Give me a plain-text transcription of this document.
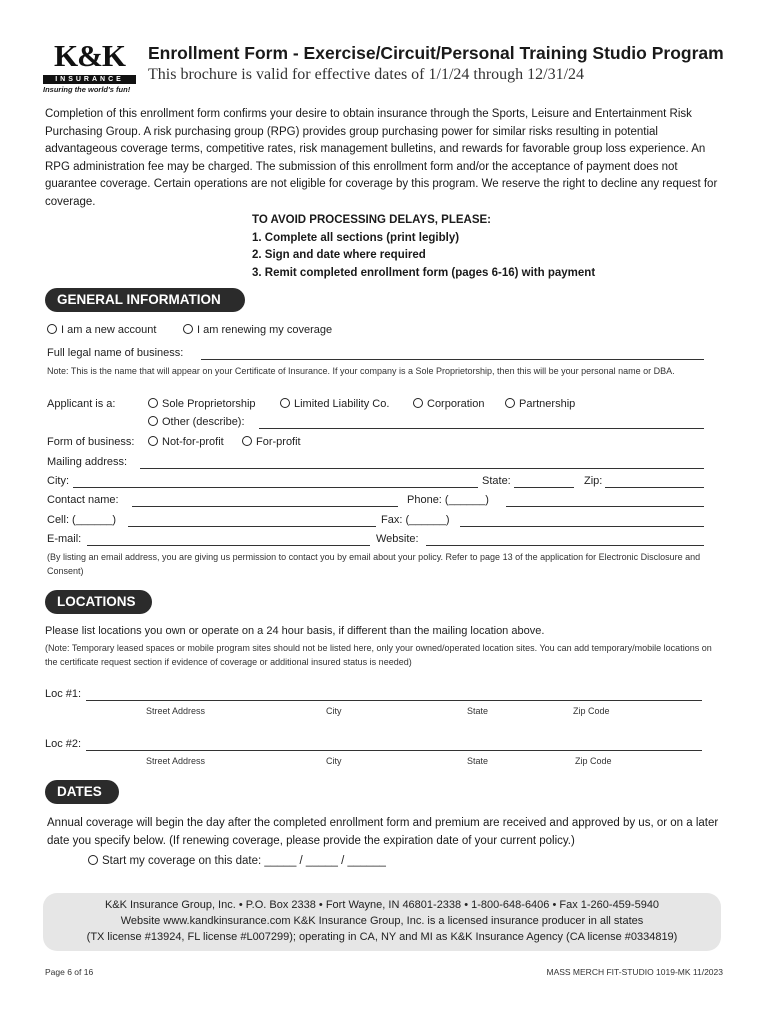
K&K
INSURANCE
Insuring the world's fun!
Enrollment Form - Exercise/Circuit/Personal Training Studio Program
This brochure is valid for effective dates of 1/1/24 through 12/31/24

Completion of this enrollment form confirms your desire to obtain insurance through the Sports, Leisure and Entertainment Risk Purchasing Group. A risk purchasing group (RPG) provides group purchasing power for similar risks resulting in potential advantageous coverage terms, competitive rates, risk management bulletins, and rewards for favorable group loss experience. An RPG administration fee may be charged. The submission of this enrollment form and/or the acceptance of payment does not guarantee coverage. Certain operations are not eligible for coverage by this program. We reserve the right to decline any request for coverage.

TO AVOID PROCESSING DELAYS, PLEASE:
1. Complete all sections (print legibly)
2. Sign and date where required
3. Remit completed enrollment form (pages 6-16) with payment
GENERAL INFORMATION
I am a new account	I am renewing my coverage
Full legal name of business:
Note: This is the name that will appear on your Certificate of Insurance. If your company is a Sole Proprietorship, then this will be your personal name or DBA.
Applicant is a:	Sole Proprietorship	Limited Liability Co.	Corporation	Partnership
Other (describe):
Form of business:	Not-for-profit	For-profit
Mailing address:
City:	State:	Zip:
Contact name:	Phone: (______)
Cell: (______)	Fax: (______)
E-mail:	Website:
(By listing an email address, you are giving us permission to contact you by email about your policy. Refer to page 13 of the application for Electronic Disclosure and Consent)
LOCATIONS
Please list locations you own or operate on a 24 hour basis, if different than the mailing location above.
(Note: Temporary leased spaces or mobile program sites should not be listed here, only your owned/operated location sites. You can add temporary/mobile locations on the certificate request section if evidence of coverage or additional insured status is needed)
Loc #1:
Street Address	City	State	Zip Code
Loc #2:
Street Address	City	State	Zip Code
DATES
Annual coverage will begin the day after the completed enrollment form and premium are received and approved by us, or on a later date you specify below. (If renewing coverage, please provide the expiration date of your current policy.)
Start my coverage on this date: _____ / _____ / ______
K&K Insurance Group, Inc. • P.O. Box 2338 • Fort Wayne, IN 46801-2338 • 1-800-648-6406 • Fax 1-260-459-5940
Website www.kandkinsurance.com K&K Insurance Group, Inc. is a licensed insurance producer in all states
(TX license #13924, FL license #L007299); operating in CA, NY and MI as K&K Insurance Agency (CA license #0334819)
Page 6 of 16	MASS MERCH FIT-STUDIO 1019-MK 11/2023
